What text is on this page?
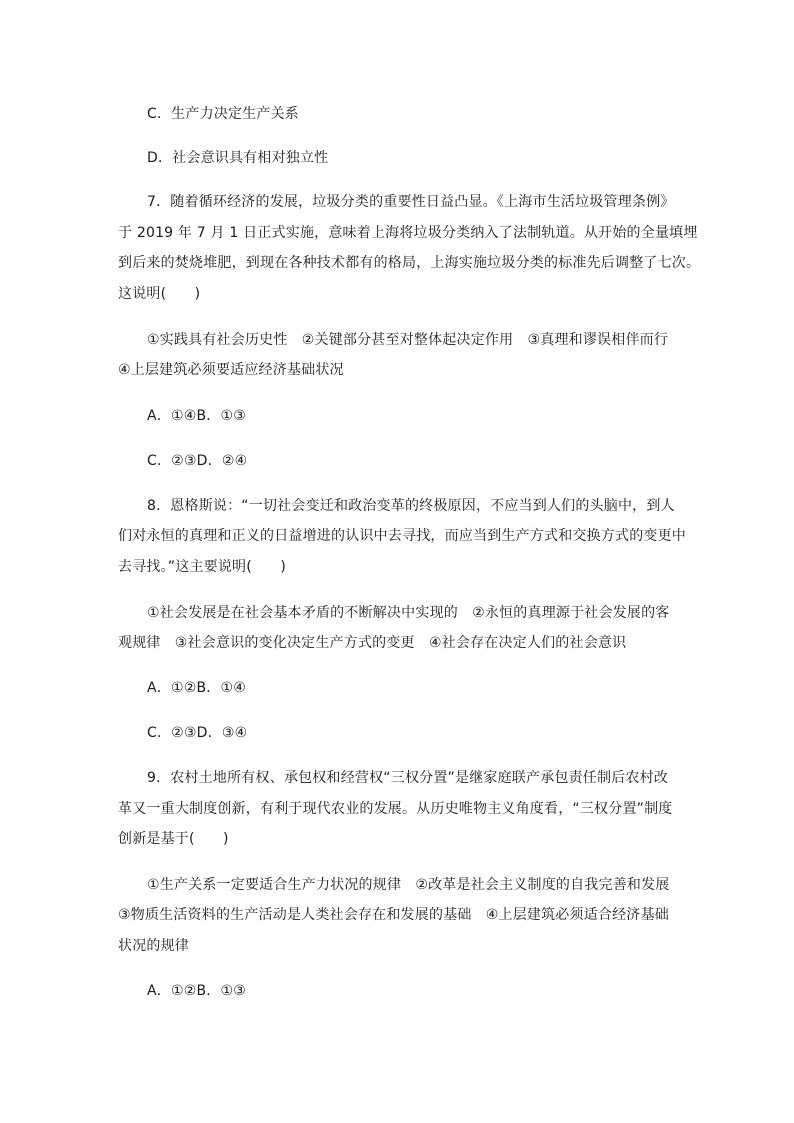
C．生产力决定生产关系
D．社会意识具有相对独立性
7．随着循环经济的发展，垃圾分类的重要性日益凸显。《上海市生活垃圾管理条例》
于 2019 年 7 月 1 日正式实施，意味着上海将垃圾分类纳入了法制轨道。从开始的全量填埋
到后来的焚烧堆肥，到现在各种技术都有的格局，上海实施垃圾分类的标准先后调整了七次。
这说明(　　)
①实践具有社会历史性　②关键部分甚至对整体起决定作用　③真理和谬误相伴而行
④上层建筑必须要适应经济基础状况
A．①④B．①③
C．②③D．②④
8．恩格斯说：“一切社会变迁和政治变革的终极原因，不应当到人们的头脑中，到人
们对永恒的真理和正义的日益增进的认识中去寻找，而应当到生产方式和交换方式的变更中
去寻找。”这主要说明(　　)
①社会发展是在社会基本矛盾的不断解决中实现的　②永恒的真理源于社会发展的客
观规律　③社会意识的变化决定生产方式的变更　④社会存在决定人们的社会意识
A．①②B．①④
C．②③D．③④
9．农村土地所有权、承包权和经营权“三权分置”是继家庭联产承包责任制后农村改
革又一重大制度创新，有利于现代农业的发展。从历史唯物主义角度看，“三权分置”制度
创新是基于(　　)
①生产关系一定要适合生产力状况的规律　②改革是社会主义制度的自我完善和发展
③物质生活资料的生产活动是人类社会存在和发展的基础　④上层建筑必须适合经济基础
状况的规律
A．①②B．①③
